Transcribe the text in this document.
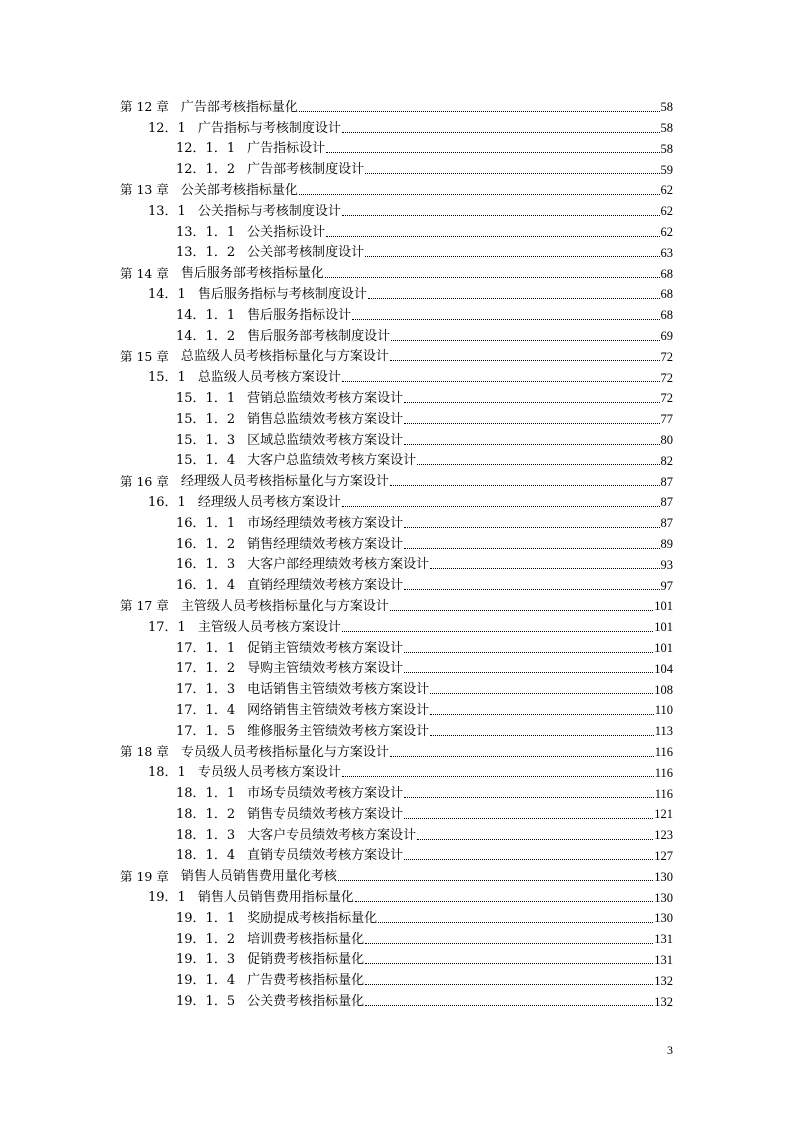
第 12 章 广告部考核指标量化	58
12．1 广告指标与考核制度设计	58
12．1．1 广告指标设计	58
12．1．2 广告部考核制度设计	59
第 13 章 公关部考核指标量化	62
13．1 公关指标与考核制度设计	62
13．1．1 公关指标设计	62
13．1．2 公关部考核制度设计	63
第 14 章 售后服务部考核指标量化	68
14．1 售后服务指标与考核制度设计	68
14．1．1 售后服务指标设计	68
14．1．2 售后服务部考核制度设计	69
第 15 章 总监级人员考核指标量化与方案设计	72
15．1 总监级人员考核方案设计	72
15．1．1 营销总监绩效考核方案设计	72
15．1．2 销售总监绩效考核方案设计	77
15．1．3 区域总监绩效考核方案设计	80
15．1．4 大客户总监绩效考核方案设计	82
第 16 章 经理级人员考核指标量化与方案设计	87
16．1 经理级人员考核方案设计	87
16．1．1 市场经理绩效考核方案设计	87
16．1．2 销售经理绩效考核方案设计	89
16．1．3 大客户部经理绩效考核方案设计	93
16．1．4 直销经理绩效考核方案设计	97
第 17 章 主管级人员考核指标量化与方案设计	101
17．1 主管级人员考核方案设计	101
17．1．1 促销主管绩效考核方案设计	101
17．1．2 导购主管绩效考核方案设计	104
17．1．3 电话销售主管绩效考核方案设计	108
17．1．4 网络销售主管绩效考核方案设计	110
17．1．5 维修服务主管绩效考核方案设计	113
第 18 章 专员级人员考核指标量化与方案设计	116
18．1 专员级人员考核方案设计	116
18．1．1 市场专员绩效考核方案设计	116
18．1．2 销售专员绩效考核方案设计	121
18．1．3 大客户专员绩效考核方案设计	123
18．1．4 直销专员绩效考核方案设计	127
第 19 章 销售人员销售费用量化考核	130
19．1 销售人员销售费用指标量化	130
19．1．1 奖励提成考核指标量化	130
19．1．2 培训费考核指标量化	131
19．1．3 促销费考核指标量化	131
19．1．4 广告费考核指标量化	132
19．1．5 公关费考核指标量化	132
3
